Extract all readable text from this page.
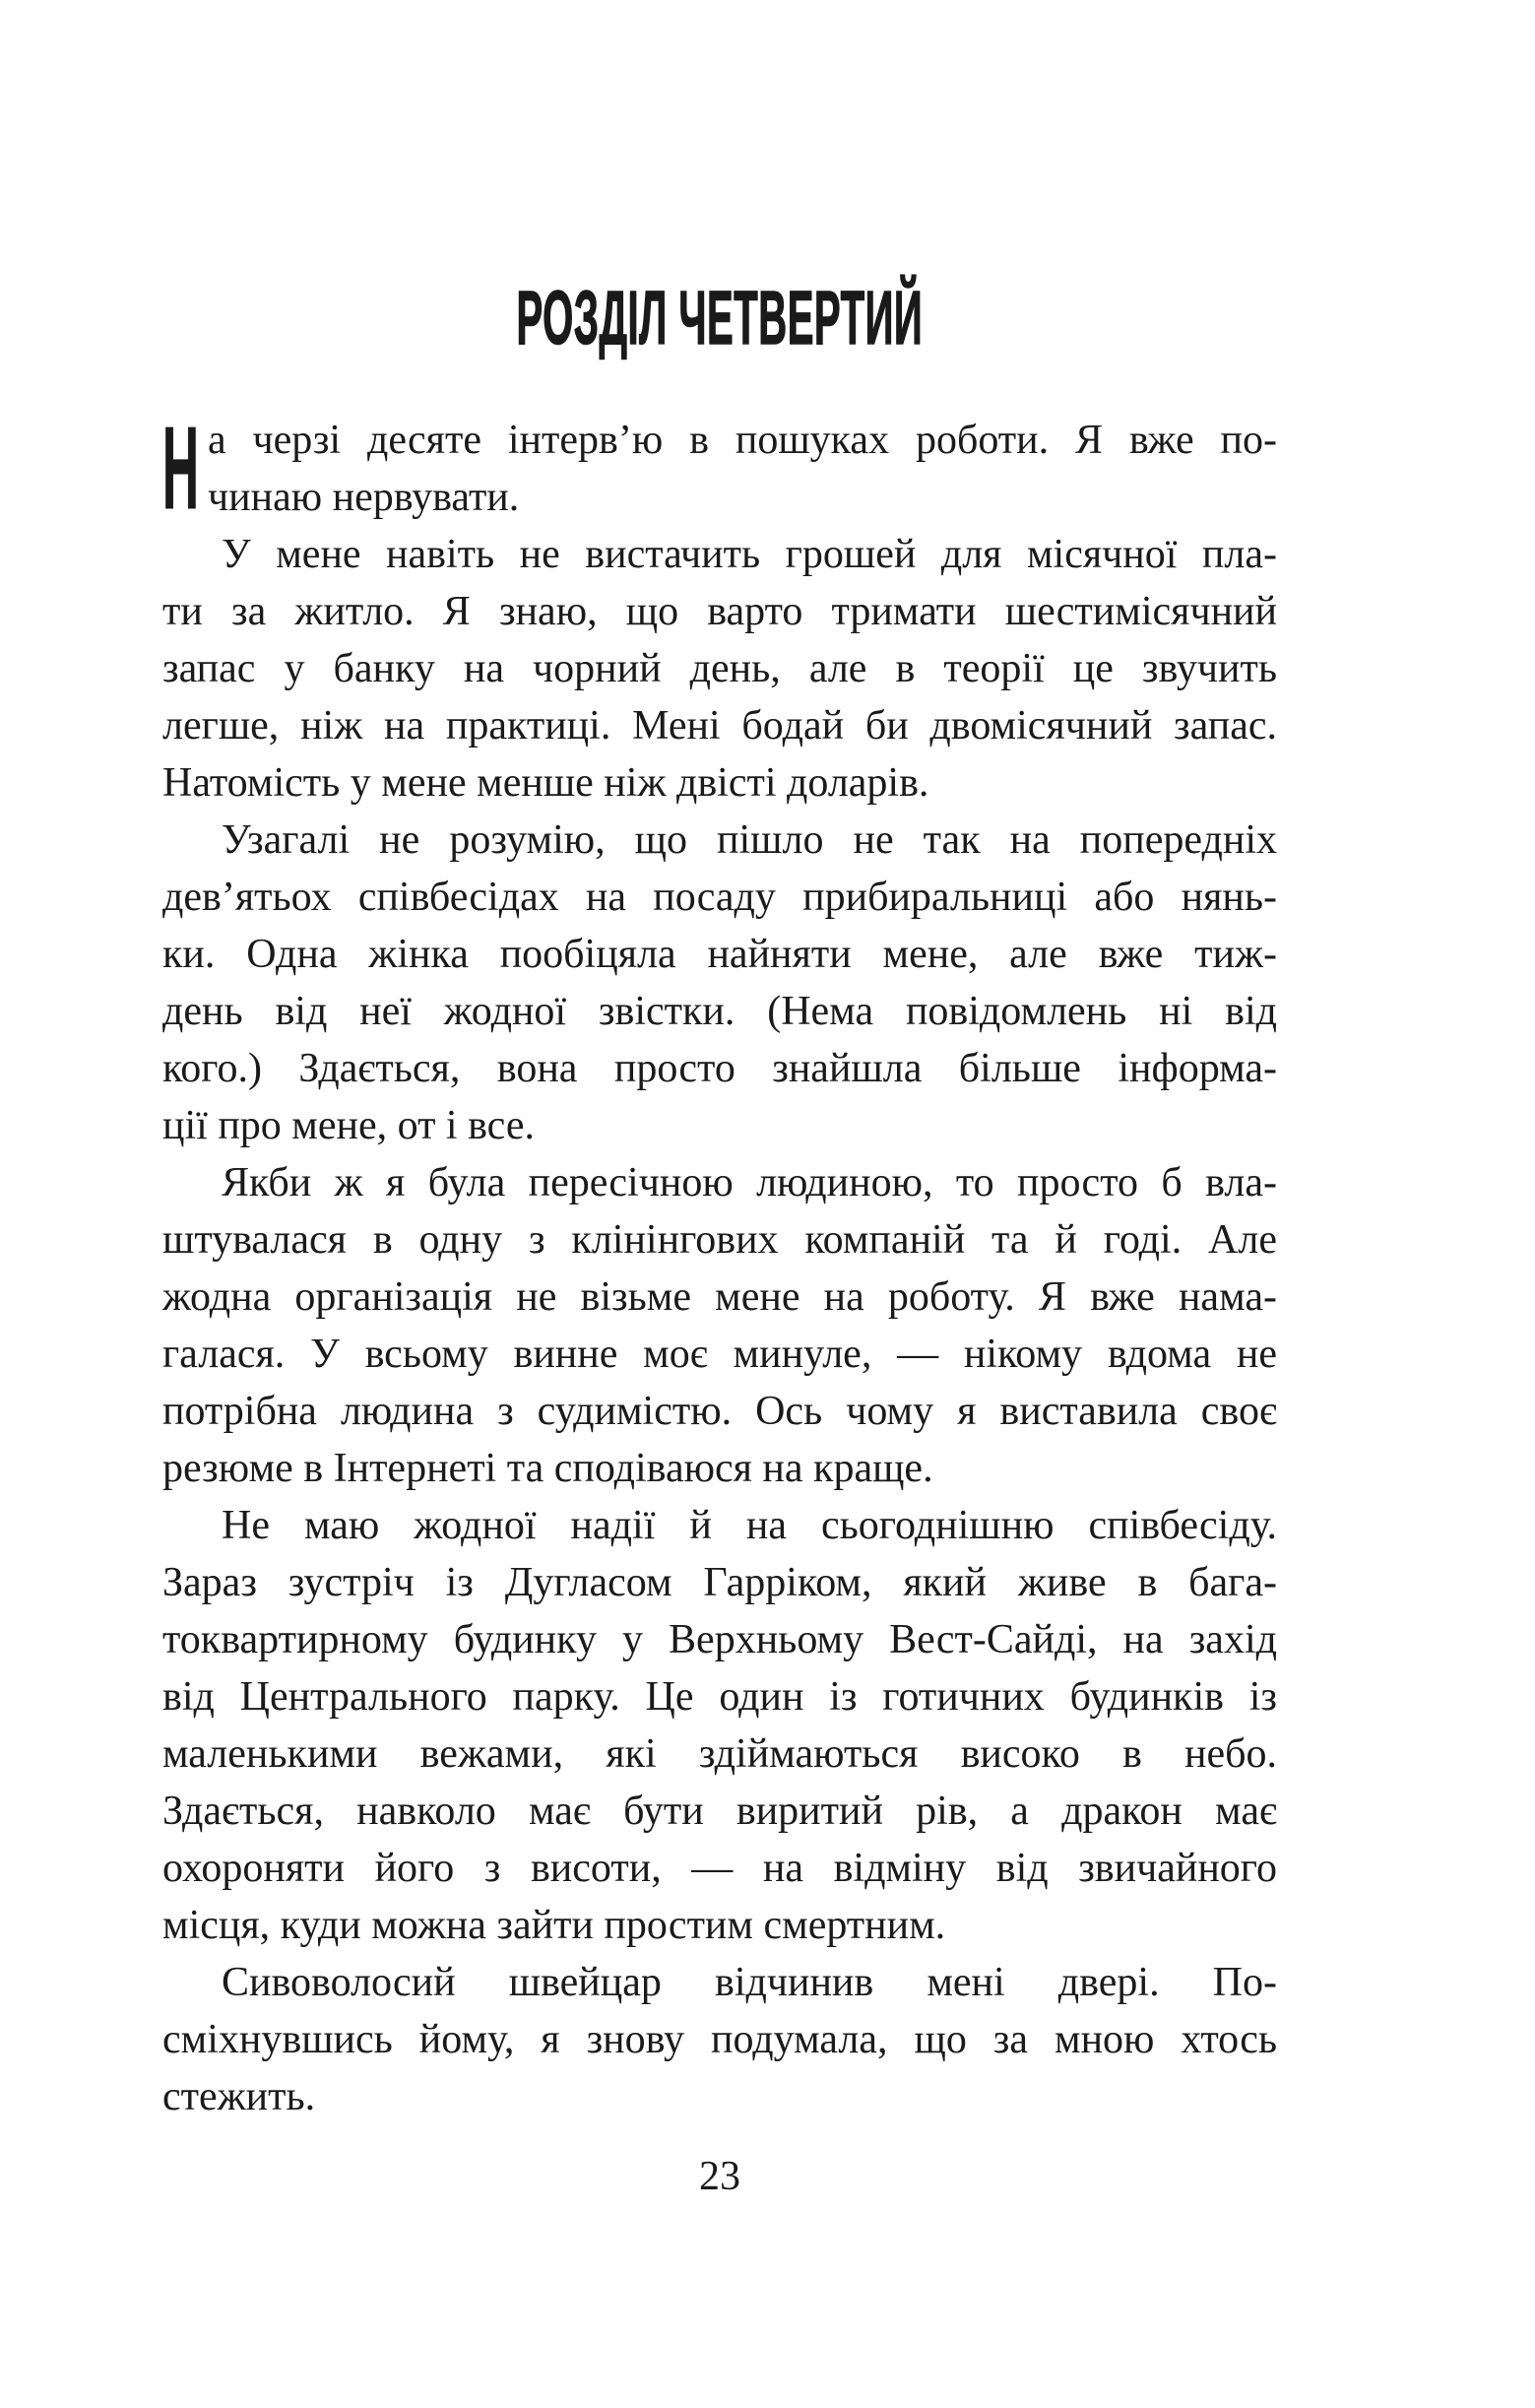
РОЗДІЛ ЧЕТВЕРТИЙ
Н а черзі десяте інтерв’ю в пошуках роботи. Я вже по-
чинаю нервувати.
У мене навіть не вистачить грошей для місячної пла-
ти за житло. Я знаю, що варто тримати шестимісячний
запас у банку на чорний день, але в теорії це звучить
легше, ніж на практиці. Мені бодай би двомісячний запас.
Натомість у мене менше ніж двісті доларів.
Узагалі не розумію, що пішло не так на попередніх
дев’ятьох співбесідах на посаду прибиральниці або нянь-
ки. Одна жінка пообіцяла найняти мене, але вже тиж-
день від неї жодної звістки. (Нема повідомлень ні від
кого.) Здається, вона просто знайшла більше інформа-
ції про мене, от і все.
Якби ж я була пересічною людиною, то просто б вла-
штувалася в одну з клінінгових компаній та й годі. Але
жодна організація не візьме мене на роботу. Я вже нама-
галася. У всьому винне моє минуле, — нікому вдома не
потрібна людина з судимістю. Ось чому я виставила своє
резюме в Інтернеті та сподіваюся на краще.
Не маю жодної надії й на сьогоднішню співбесіду.
Зараз зустріч із Дугласом Гарріком, який живе в бага-
токвартирному будинку у Верхньому Вест-Сайді, на захід
від Центрального парку. Це один із готичних будинків із
маленькими вежами, які здіймаються високо в небо.
Здається, навколо має бути виритий рів, а дракон має
охороняти його з висоти, — на відміну від звичайного
місця, куди можна зайти простим смертним.
Сивоволосий швейцар відчинив мені двері. По-
сміхнувшись йому, я знову подумала, що за мною хтось
стежить.
23
